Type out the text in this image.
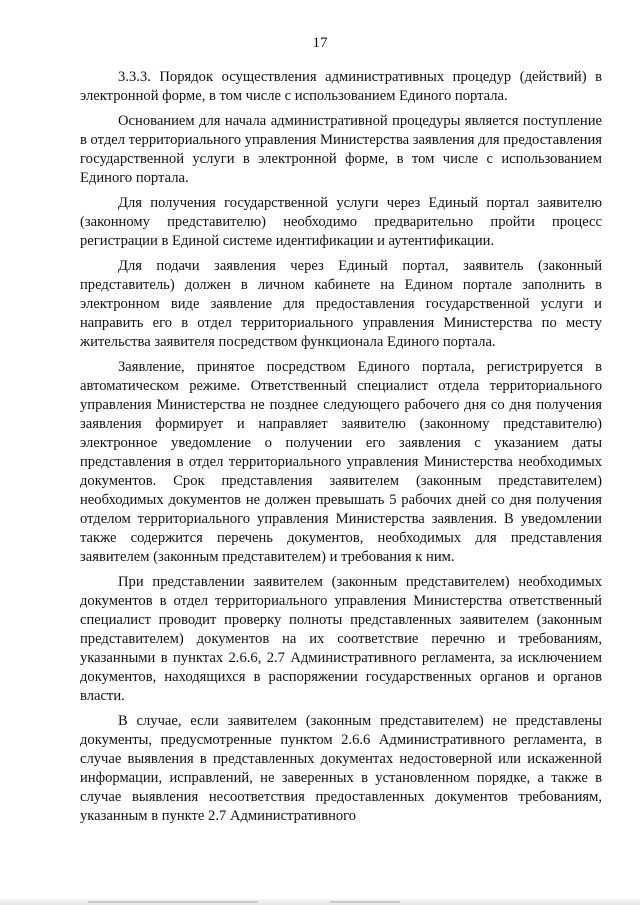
17

3.3.3. Порядок осуществления административных процедур (действий) в электронной форме, в том числе с использованием Единого портала.

Основанием для начала административной процедуры является поступление в отдел территориального управления Министерства заявления для предоставления государственной услуги в электронной форме, в том числе с использованием Единого портала.

Для получения государственной услуги через Единый портал заявителю (законному представителю) необходимо предварительно пройти процесс регистрации в Единой системе идентификации и аутентификации.

Для подачи заявления через Единый портал, заявитель (законный представитель) должен в личном кабинете на Едином портале заполнить в электронном виде заявление для предоставления государственной услуги и направить его в отдел территориального управления Министерства по месту жительства заявителя посредством функционала Единого портала.

Заявление, принятое посредством Единого портала, регистрируется в автоматическом режиме. Ответственный специалист отдела территориального управления Министерства не позднее следующего рабочего дня со дня получения заявления формирует и направляет заявителю (законному представителю) электронное уведомление о получении его заявления с указанием даты представления в отдел территориального управления Министерства необходимых документов. Срок представления заявителем (законным представителем) необходимых документов не должен превышать 5 рабочих дней со дня получения отделом территориального управления Министерства заявления. В уведомлении также содержится перечень документов, необходимых для представления заявителем (законным представителем) и требования к ним.

При представлении заявителем (законным представителем) необходимых документов в отдел территориального управления Министерства ответственный специалист проводит проверку полноты представленных заявителем (законным представителем) документов на их соответствие перечню и требованиям, указанными в пунктах 2.6.6, 2.7 Административного регламента, за исключением документов, находящихся в распоряжении государственных органов и органов власти.

В случае, если заявителем (законным представителем) не представлены документы, предусмотренные пунктом 2.6.6 Административного регламента, в случае выявления в представленных документах недостоверной или искаженной информации, исправлений, не заверенных в установленном порядке, а также в случае выявления несоответствия предоставленных документов требованиям, указанным в пункте 2.7 Административного
